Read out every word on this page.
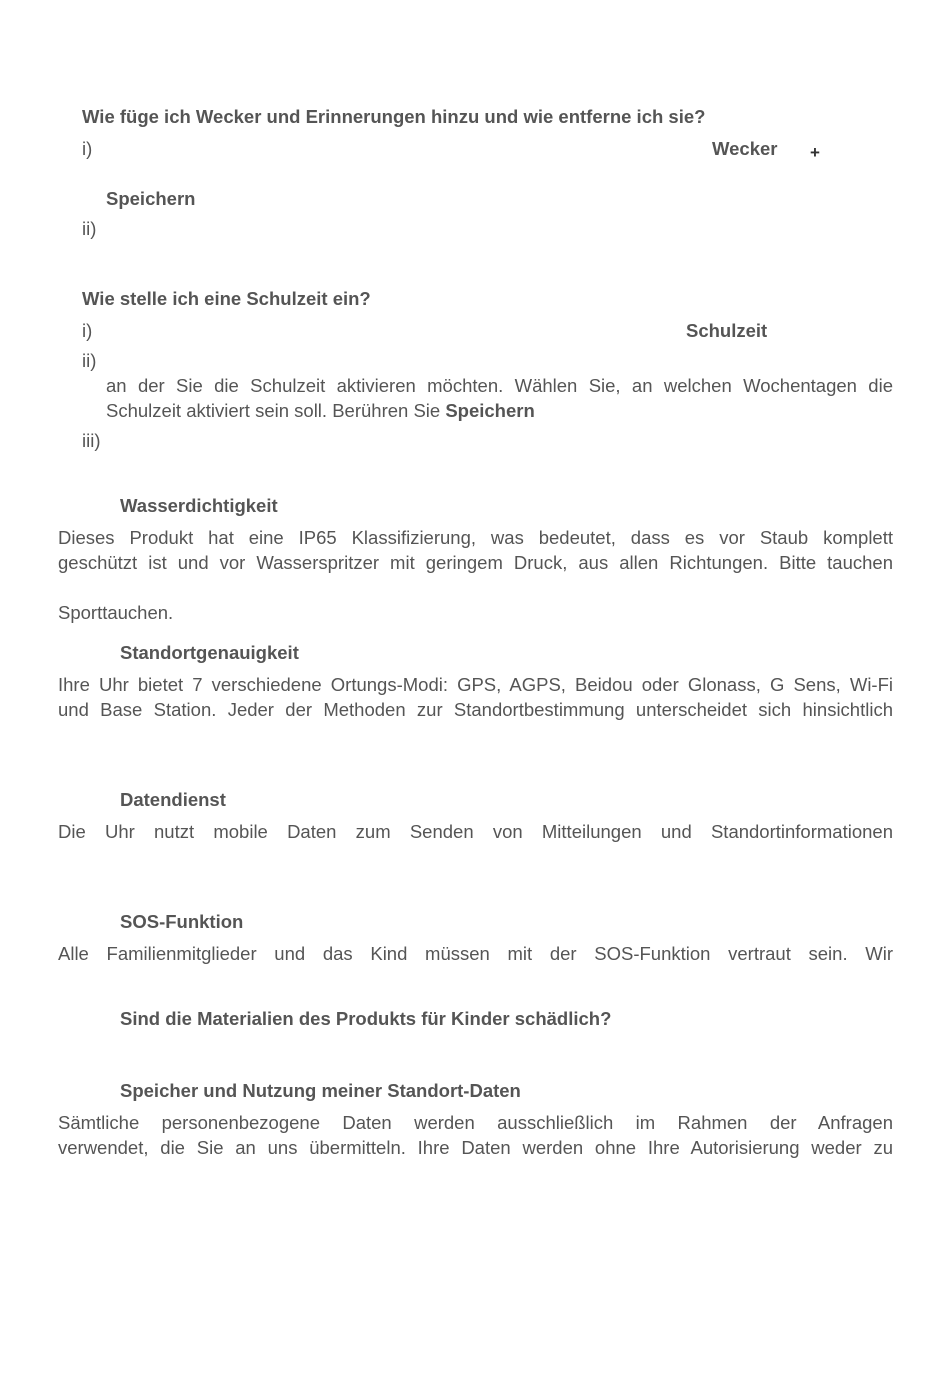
Wie füge ich Wecker und Erinnerungen hinzu und wie entferne ich sie?
i)	Wecker +
Speichern
ii)
Wie stelle ich eine Schulzeit ein?
i)	Schulzeit
ii)
an der Sie die Schulzeit aktivieren möchten. Wählen Sie, an welchen Wochentagen die
Schulzeit aktiviert sein soll. Berühren Sie Speichern
iii)
Wasserdichtigkeit
Dieses Produkt hat eine IP65 Klassifizierung, was bedeutet, dass es vor Staub komplett
geschützt ist und vor Wasserspritzer mit geringem Druck, aus allen Richtungen. Bitte tauchen
Sporttauchen.
Standortgenauigkeit
Ihre Uhr bietet 7 verschiedene Ortungs-Modi: GPS, AGPS, Beidou oder Glonass, G Sens, Wi-Fi
und Base Station. Jeder der Methoden zur Standortbestimmung unterscheidet sich hinsichtlich
Datendienst
Die Uhr nutzt mobile Daten zum Senden von Mitteilungen und Standortinformationen
SOS-Funktion
Alle Familienmitglieder und das Kind müssen mit der SOS-Funktion vertraut sein. Wir
Sind die Materialien des Produkts für Kinder schädlich?
Speicher und Nutzung meiner Standort-Daten
Sämtliche personenbezogene Daten werden ausschließlich im Rahmen der Anfragen
verwendet, die Sie an uns übermitteln. Ihre Daten werden ohne Ihre Autorisierung weder zu
